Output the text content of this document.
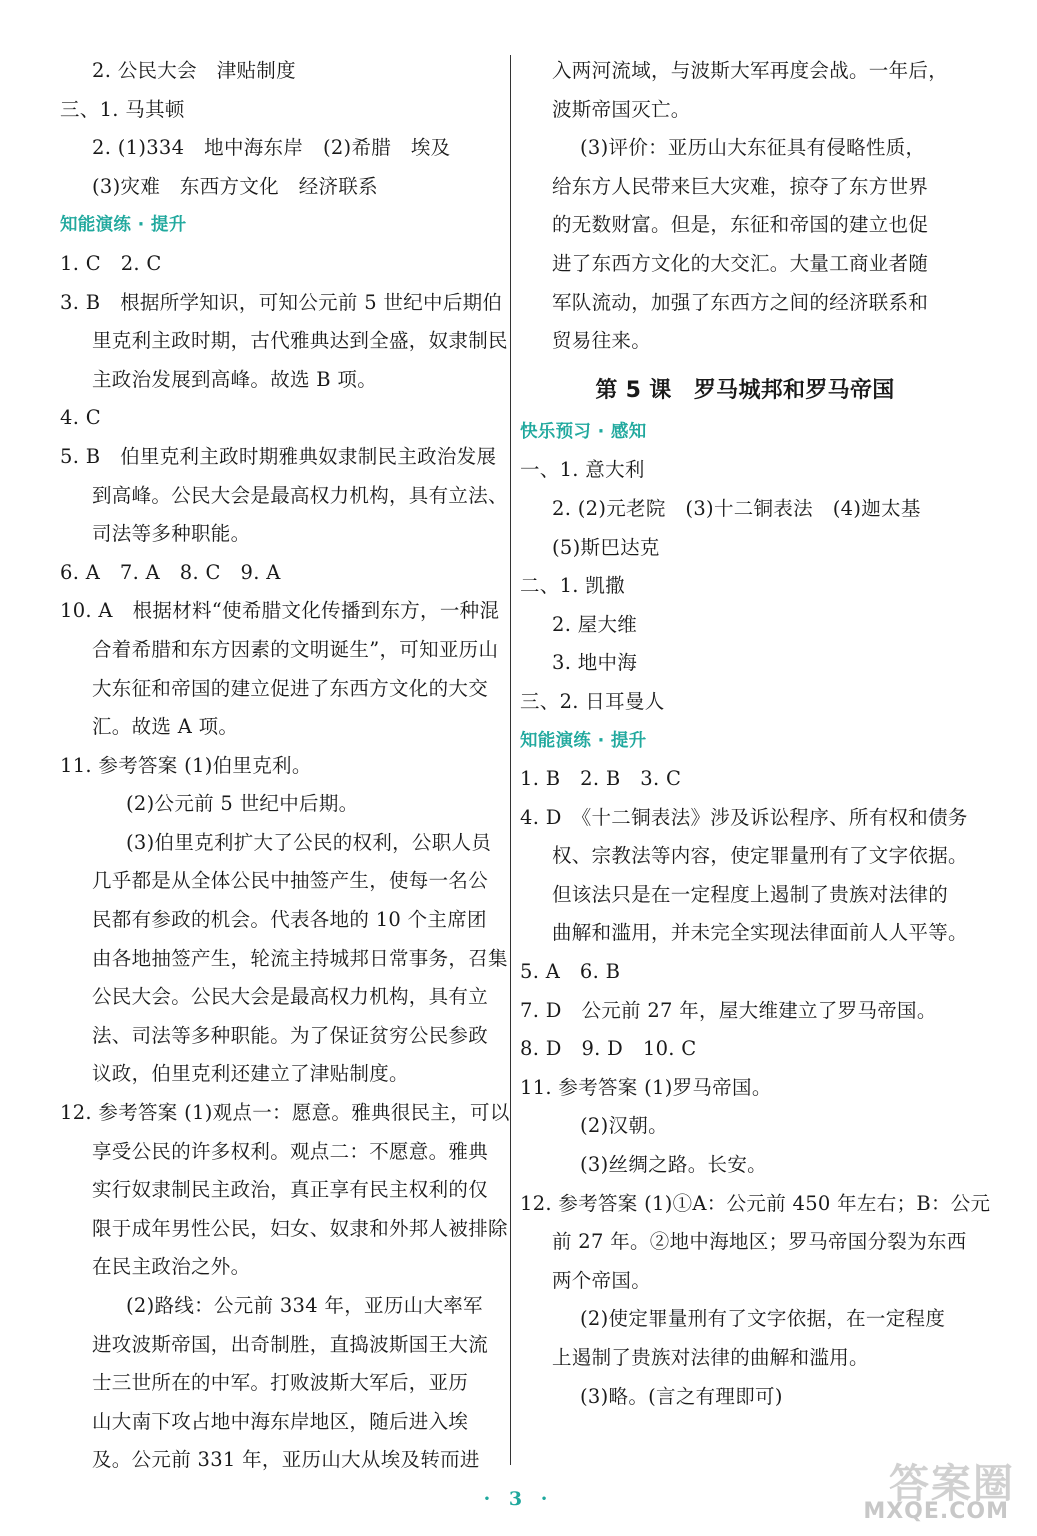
2. 公民大会　津贴制度
三、1. 马其顿
2. (1)334　地中海东岸　(2)希腊　埃及
(3)灾难　东西方文化　经济联系
知能演练 · 提升
1. C　2. C
3. B　根据所学知识，可知公元前 5 世纪中后期伯
里克利主政时期，古代雅典达到全盛，奴隶制民
主政治发展到高峰。故选 B 项。
4. C
5. B　伯里克利主政时期雅典奴隶制民主政治发展
到高峰。公民大会是最高权力机构，具有立法、
司法等多种职能。
6. A　7. A　8. C　9. A
10. A　根据材料“使希腊文化传播到东方，一种混
合着希腊和东方因素的文明诞生”，可知亚历山
大东征和帝国的建立促进了东西方文化的大交
汇。故选 A 项。
11. 参考答案 (1)伯里克利。
(2)公元前 5 世纪中后期。
(3)伯里克利扩大了公民的权利，公职人员
几乎都是从全体公民中抽签产生，使每一名公
民都有参政的机会。代表各地的 10 个主席团
由各地抽签产生，轮流主持城邦日常事务，召集
公民大会。公民大会是最高权力机构，具有立
法、司法等多种职能。为了保证贫穷公民参政
议政，伯里克利还建立了津贴制度。
12. 参考答案 (1)观点一：愿意。雅典很民主，可以
享受公民的许多权利。观点二：不愿意。雅典
实行奴隶制民主政治，真正享有民主权利的仅
限于成年男性公民，妇女、奴隶和外邦人被排除
在民主政治之外。
(2)路线：公元前 334 年，亚历山大率军
进攻波斯帝国，出奇制胜，直捣波斯国王大流
士三世所在的中军。打败波斯大军后，亚历
山大南下攻占地中海东岸地区，随后进入埃
及。公元前 331 年，亚历山大从埃及转而进
入两河流域，与波斯大军再度会战。一年后，
波斯帝国灭亡。
(3)评价：亚历山大东征具有侵略性质，
给东方人民带来巨大灾难，掠夺了东方世界
的无数财富。但是，东征和帝国的建立也促
进了东西方文化的大交汇。大量工商业者随
军队流动，加强了东西方之间的经济联系和
贸易往来。
第 5 课　罗马城邦和罗马帝国
快乐预习 · 感知
一、1. 意大利
2. (2)元老院　(3)十二铜表法　(4)迦太基
(5)斯巴达克
二、1. 凯撒
2. 屋大维
3. 地中海
三、2. 日耳曼人
知能演练 · 提升
1. B　2. B　3. C
4. D　《十二铜表法》涉及诉讼程序、所有权和债务
权、宗教法等内容，使定罪量刑有了文字依据。
但该法只是在一定程度上遏制了贵族对法律的
曲解和滥用，并未完全实现法律面前人人平等。
5. A　6. B
7. D　公元前 27 年，屋大维建立了罗马帝国。
8. D　9. D　10. C
11. 参考答案 (1)罗马帝国。
(2)汉朝。
(3)丝绸之路。长安。
12. 参考答案 (1)①A：公元前 450 年左右；B：公元
前 27 年。②地中海地区；罗马帝国分裂为东西
两个帝国。
(2)使定罪量刑有了文字依据，在一定程度
上遏制了贵族对法律的曲解和滥用。
(3)略。(言之有理即可)
· 3 ·	答案圈
MXQE.COM
